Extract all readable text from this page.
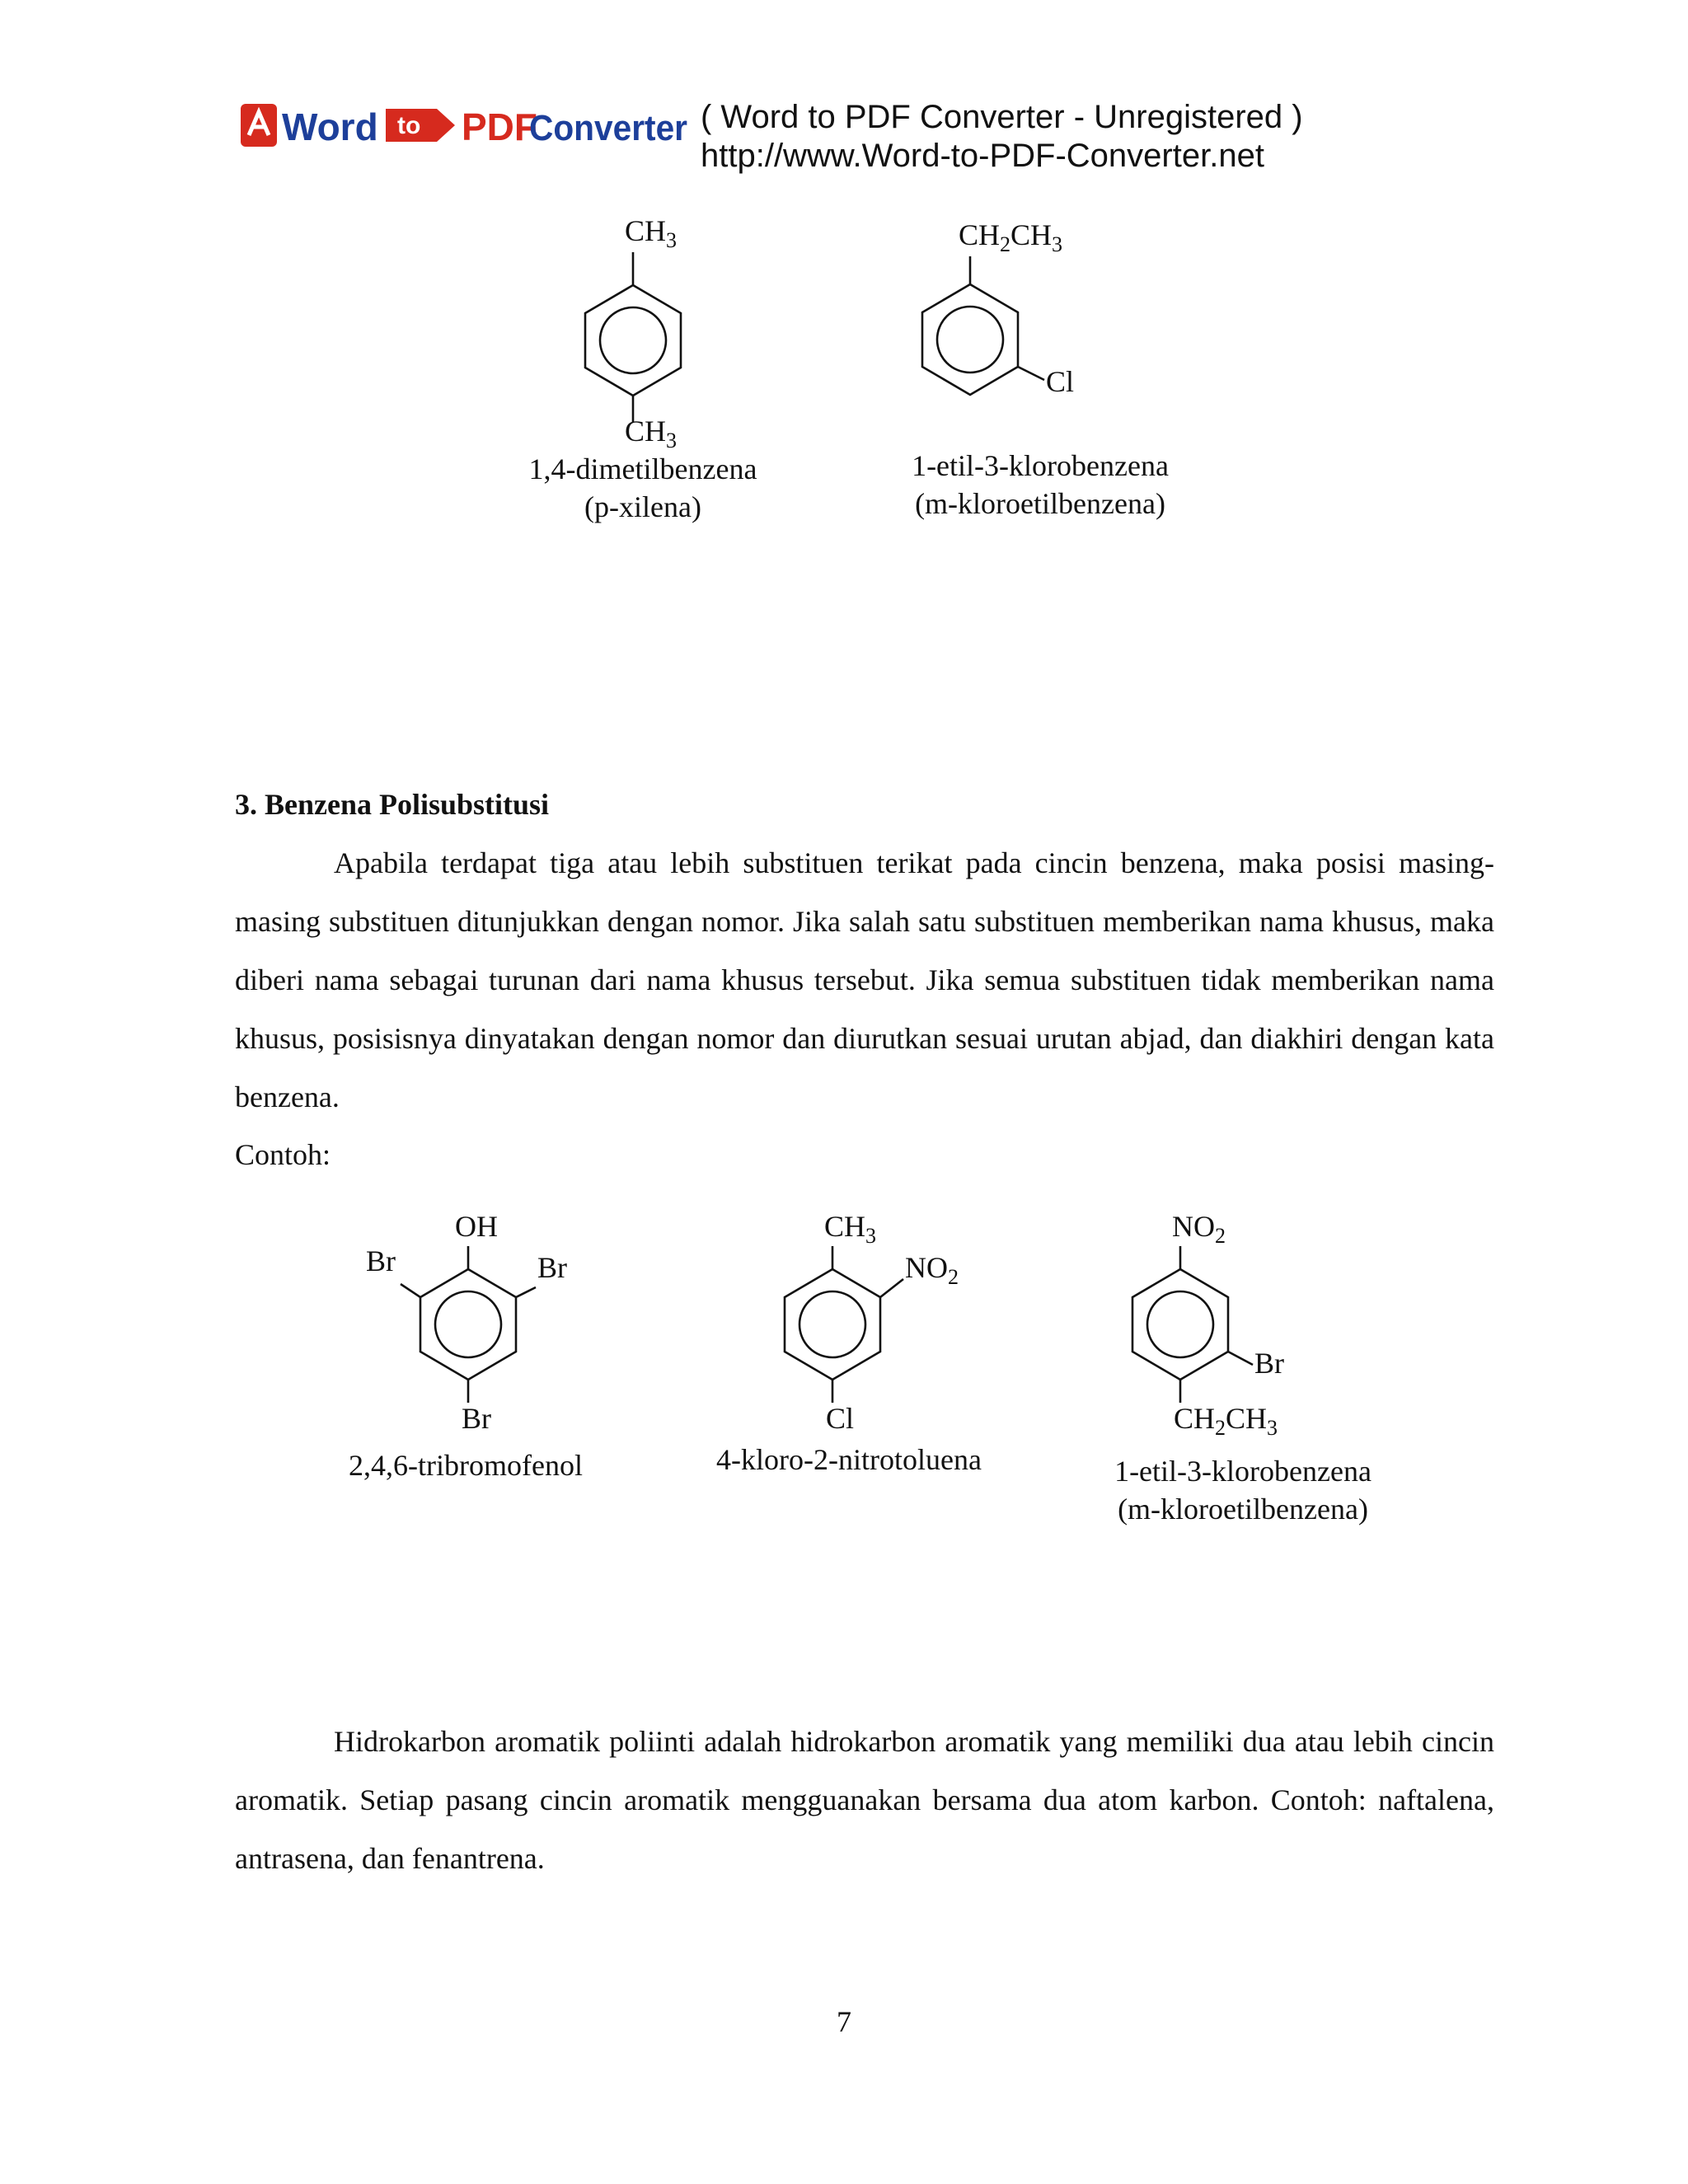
Word to PDF
Converter ( Word to PDF Converter - Unregistered )
http://www.Word-to-PDF-Converter.net
$CH_3$
$CH_3$
1,4-dimetilbenzena
(p-xilena)
$CH_2CH_3$
Cl
1-etil-3-klorobenzena
(m-kloroetilbenzena)
3. Benzena Polisubstitusi

Apabila terdapat tiga atau lebih substituen terikat pada cincin benzena, maka posisi masing-masing substituen ditunjukkan dengan nomor. Jika salah satu substituen memberikan nama khusus, maka diberi nama sebagai turunan dari nama khusus tersebut. Jika semua substituen tidak memberikan nama khusus, posisisnya dinyatakan dengan nomor dan diurutkan sesuai urutan abjad, dan diakhiri dengan kata benzena.

Contoh:
OH
Br	Br
Br
2,4,6-tribromofenol
$CH_3$
$NO_2$
Cl
4-kloro-2-nitrotoluena
$NO_2$
Br
$CH_2CH_3$
1-etil-3-klorobenzena
(m-kloroetilbenzena)

Hidrokarbon aromatik poliinti adalah hidrokarbon aromatik yang memiliki dua atau lebih cincin aromatik. Setiap pasang cincin aromatik mengguanakan bersama dua atom karbon. Contoh: naftalena, antrasena, dan fenantrena.

7
